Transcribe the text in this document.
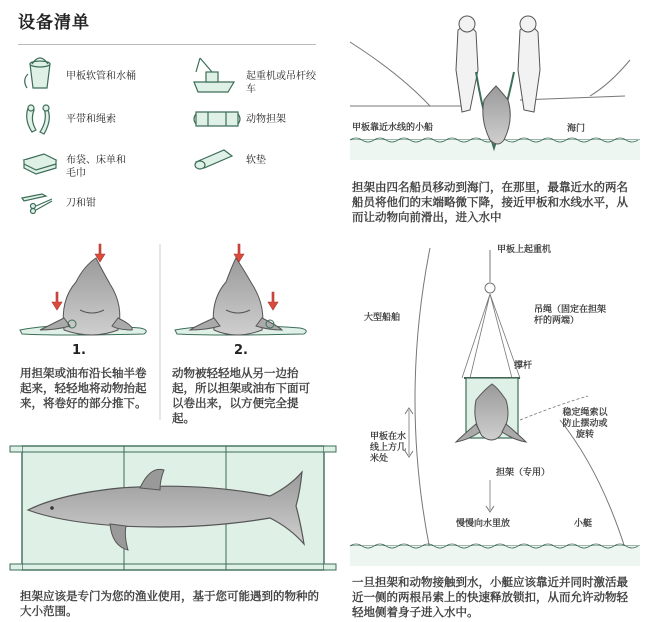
设备清单
甲板软管和水桶	起重机或吊杆绞车
平带和绳索	动物担架
布袋、床单和毛巾
软垫
刀和钳
甲板靠近水线的小船	海门
担架由四名船员移动到海门，在那里，最靠近水的两名船员将他们的末端略微下降，接近甲板和水线水平，从而让动物向前滑出，进入水中
1.	2.
用担架或油布沿长轴半卷起来，轻轻地将动物抬起来，将卷好的部分推下。
动物被轻轻地从另一边抬起，所以担架或油布下面可以卷出来，以方便完全提起。
担架应该是专门为您的渔业使用，基于您可能遇到的物种的大小范围。
甲板上起重机
大型船舶
吊绳（固定在担架杆的两端）
撑杆
稳定绳索以防止摆动或旋转
甲板在水线上方几米处
担架（专用）
慢慢向水里放	小艇
一旦担架和动物接触到水，小艇应该靠近并同时激活最近一侧的两根吊索上的快速释放锁扣，从而允许动物轻轻地侧着身子进入水中。
